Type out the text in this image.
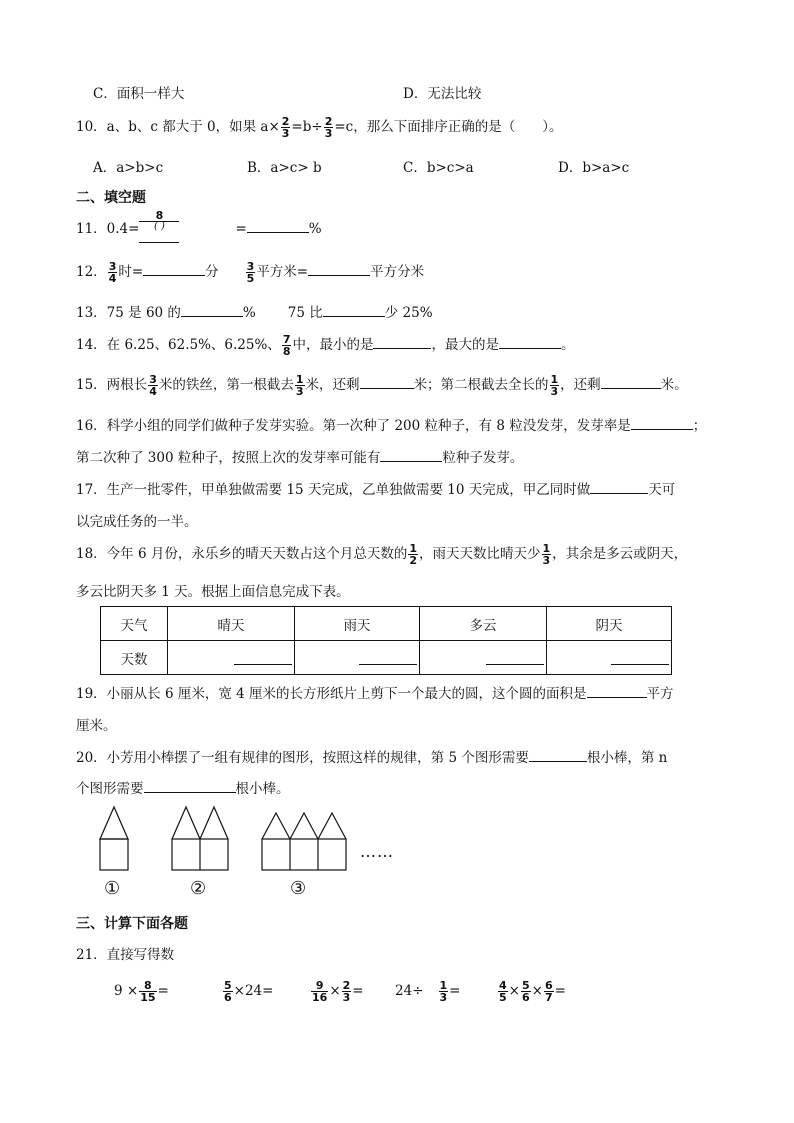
C．面积一样大	D．无法比较
10．a、b、c 都大于 0，如果 $a\times \frac{2}{3} =b\div \frac{2}{3} =c$，那么下面排序正确的是（　　）。
A．a>b>c	B．a>c> b	C．b>c>a	D．b>a>c
二、填空题
11．0.4=
8
( )	=	%
12． $\frac{3}{4}$ 时=	分 $\frac{3}{5}$ 平方米=	平方分米
13．75 是 60 的	% 75 比	少 25%
14．在 6.25、62.5%、6.25%、 $\frac{7}{8}$ 中，最小的是	，最大的是	。
15．两根长 $\frac{3}{4}$ 米的铁丝，第一根截去 $\frac{1}{3}$ 米，还剩	米；第二根截去全长的 $\frac{1}{3}$ ，还剩	米。
16．科学小组的同学们做种子发芽实验。第一次种了 200 粒种子，有 8 粒没发芽，发芽率是	；
第二次种了 300 粒种子，按照上次的发芽率可能有	粒种子发芽。
17．生产一批零件，甲单独做需要 15 天完成，乙单独做需要 10 天完成，甲乙同时做	天可
以完成任务的一半。
18．今年 6 月份，永乐乡的晴天天数占这个月总天数的 $\frac{1}{2}$ ，雨天天数比晴天少 $\frac{1}{3}$ ，其余是多云或阴天，
多云比阴天多 1 天。根据上面信息完成下表。
天气	晴天	雨天	多云	阴天
天数				
19．小丽从长 6 厘米，宽 4 厘米的长方形纸片上剪下一个最大的圆，这个圆的面积是	平方
厘米。
20．小芳用小棒摆了一组有规律的图形，按照这样的规律，第 5 个图形需要	根小棒，第 n
个图形需要	根小棒。
……
①	②	③
三、计算下面各题
21．直接写得数
$9 \times \frac{8}{15}$ =	$\frac{5}{6} \times 24=$	$\frac{9}{16} \times \frac{2}{3} = 24\div \frac{1}{3}$ =	$\frac{4}{5} \times \frac{5}{6} \times \frac{6}{7}$ =
